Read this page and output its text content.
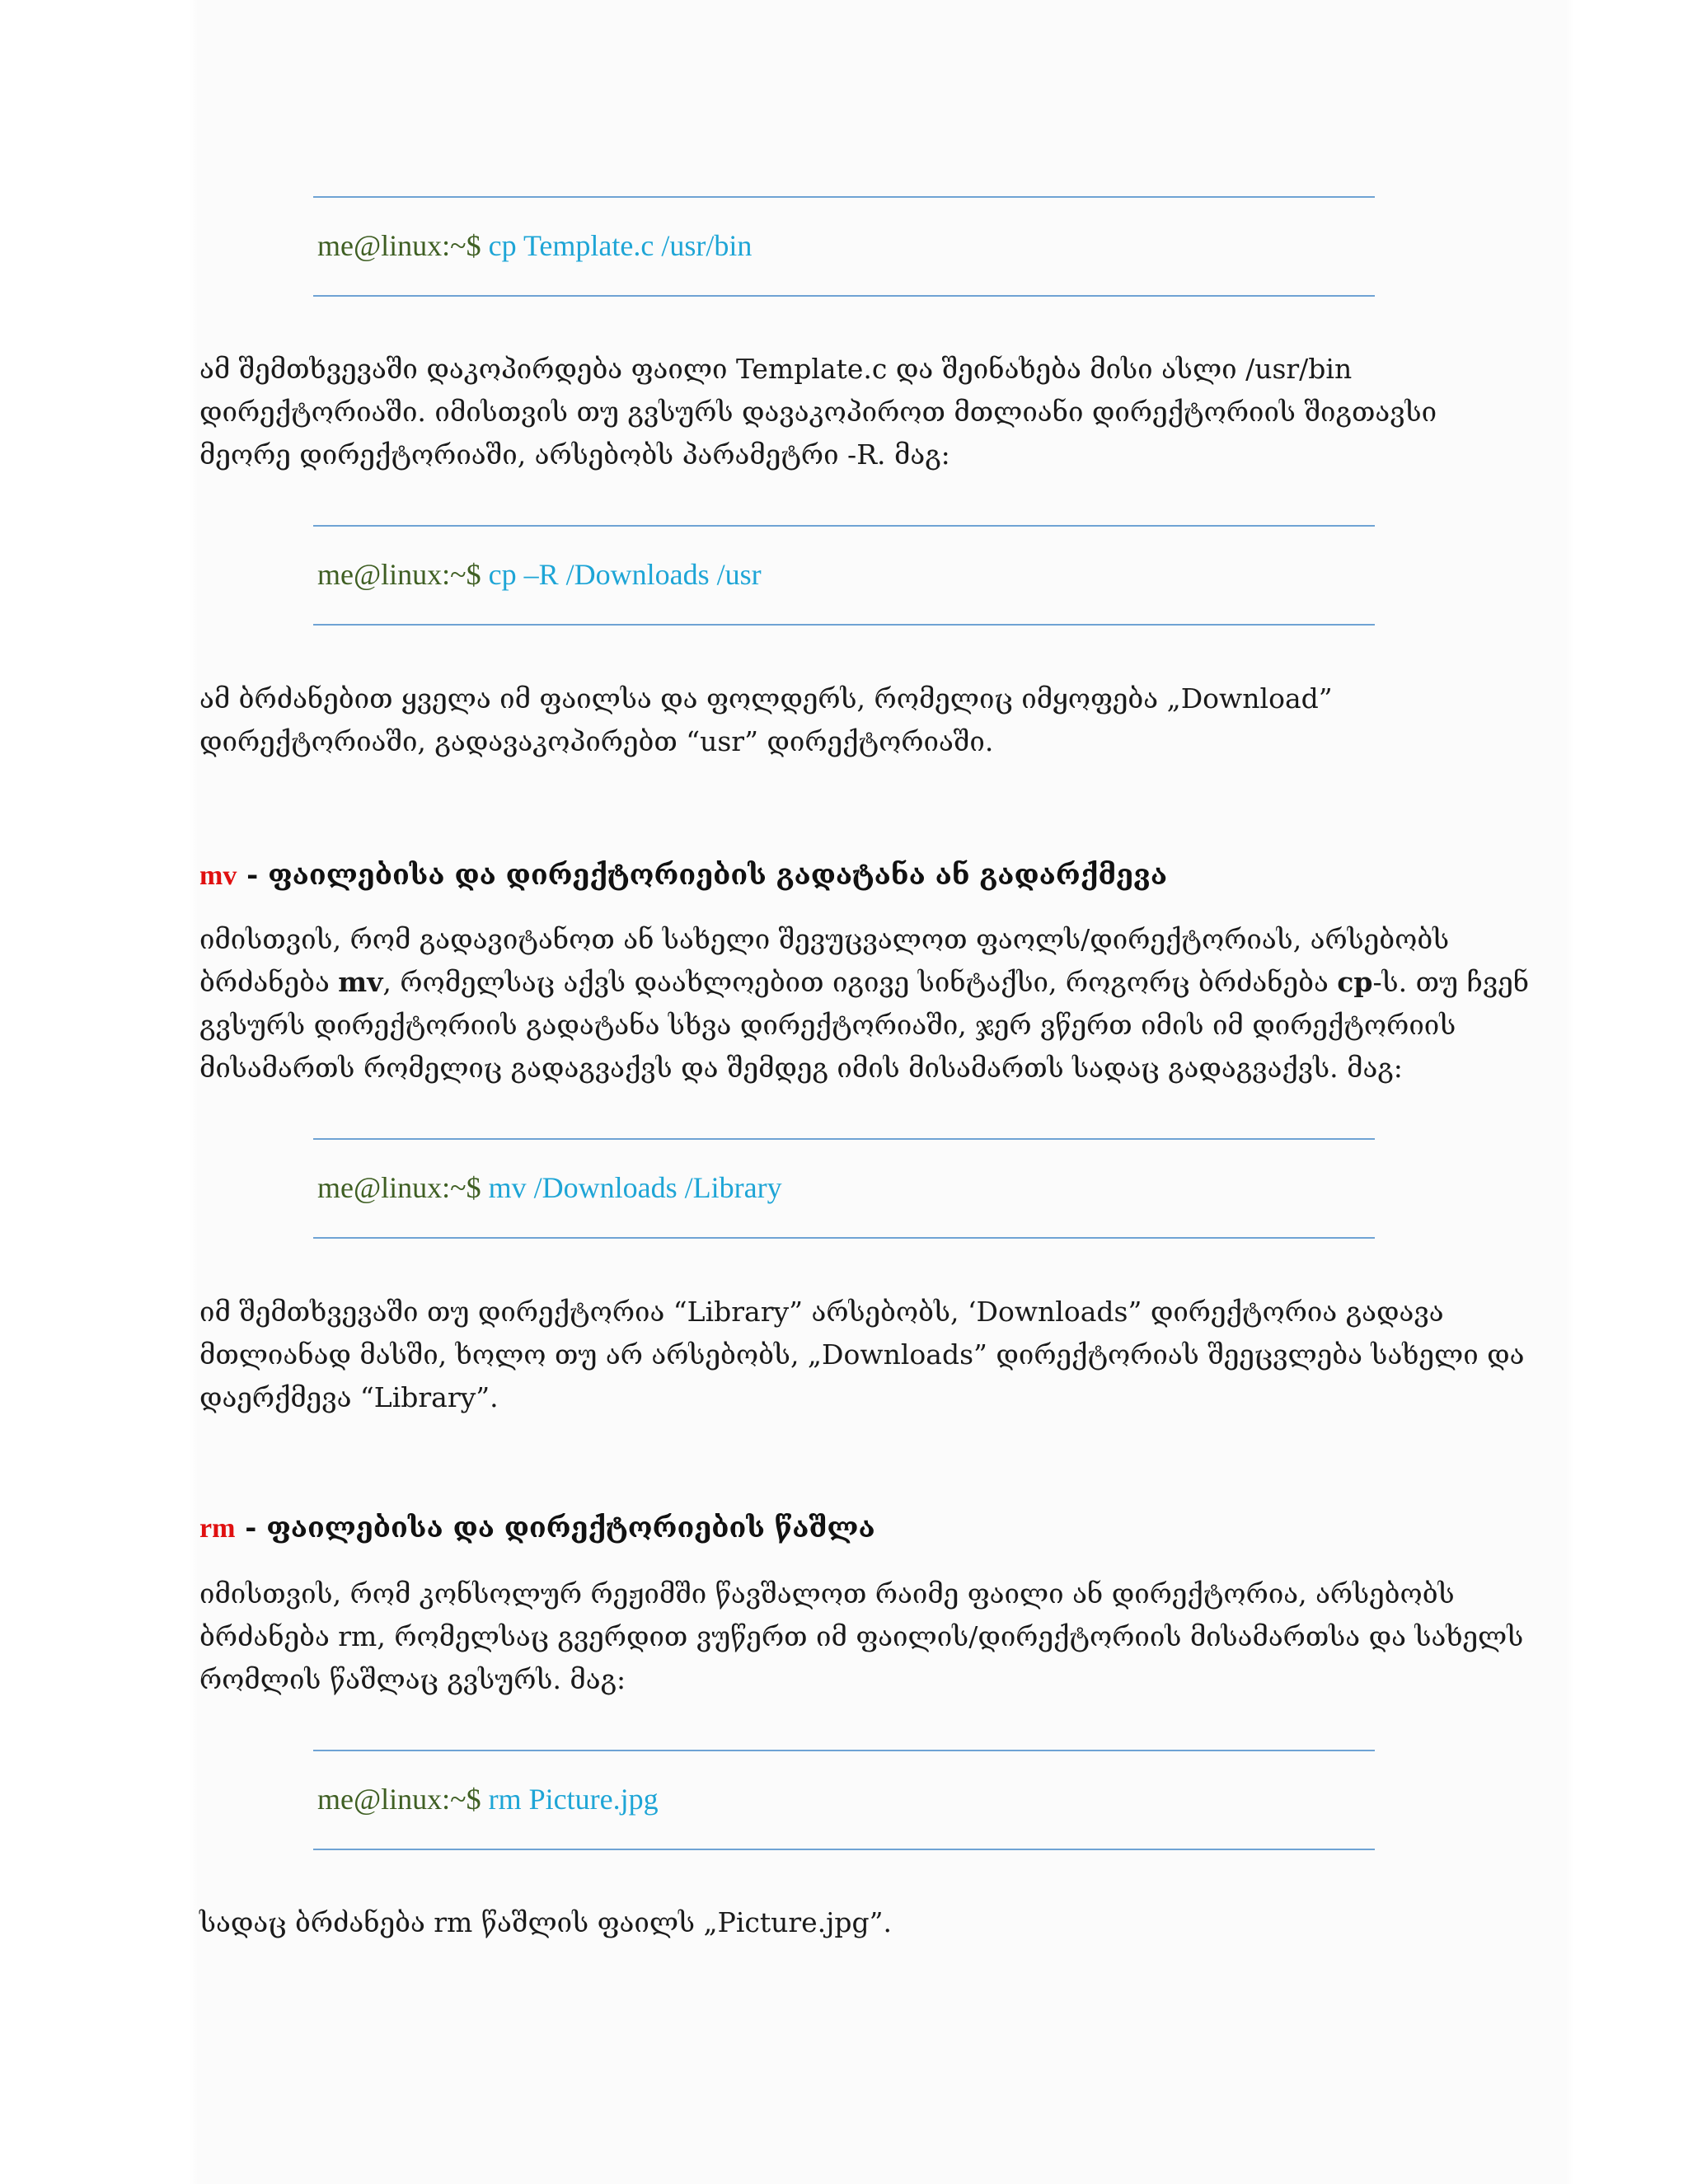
me@linux:~$ cp Template.c /usr/bin

ამ შემთხვევაში დაკოპირდება ფაილი Template.c და შეინახება მისი ასლი /usr/bin

დირექტორიაში. იმისთვის თუ გვსურს დავაკოპიროთ მთლიანი დირექტორიის შიგთავსი

მეორე დირექტორიაში, არსებობს პარამეტრი -R. მაგ:

me@linux:~$ cp –R /Downloads /usr

ამ ბრძანებით ყველა იმ ფაილსა და ფოლდერს, რომელიც იმყოფება „Download”

დირექტორიაში, გადავაკოპირებთ “usr” დირექტორიაში.

mv - ფაილებისა და დირექტორიების გადატანა ან გადარქმევა

იმისთვის, რომ გადავიტანოთ ან სახელი შევუცვალოთ ფაოლს/დირექტორიას, არსებობს

ბრძანება mv, რომელსაც აქვს დაახლოებით იგივე სინტაქსი, როგორც ბრძანება cp-ს. თუ ჩვენ

გვსურს დირექტორიის გადატანა სხვა დირექტორიაში, ჯერ ვწერთ იმის იმ დირექტორიის

მისამართს რომელიც გადაგვაქვს და შემდეგ იმის მისამართს სადაც გადაგვაქვს. მაგ:

me@linux:~$ mv /Downloads /Library

იმ შემთხვევაში თუ დირექტორია “Library” არსებობს, ‘Downloads” დირექტორია გადავა

მთლიანად მასში, ხოლო თუ არ არსებობს, „Downloads” დირექტორიას შეეცვლება სახელი და

დაერქმევა “Library”.

rm - ფაილებისა და დირექტორიების წაშლა

იმისთვის, რომ კონსოლურ რეჟიმში წავშალოთ რაიმე ფაილი ან დირექტორია, არსებობს

ბრძანება rm, რომელსაც გვერდით ვუწერთ იმ ფაილის/დირექტორიის მისამართსა და სახელს

რომლის წაშლაც გვსურს. მაგ:

me@linux:~$ rm Picture.jpg

სადაც ბრძანება rm წაშლის ფაილს „Picture.jpg”.
